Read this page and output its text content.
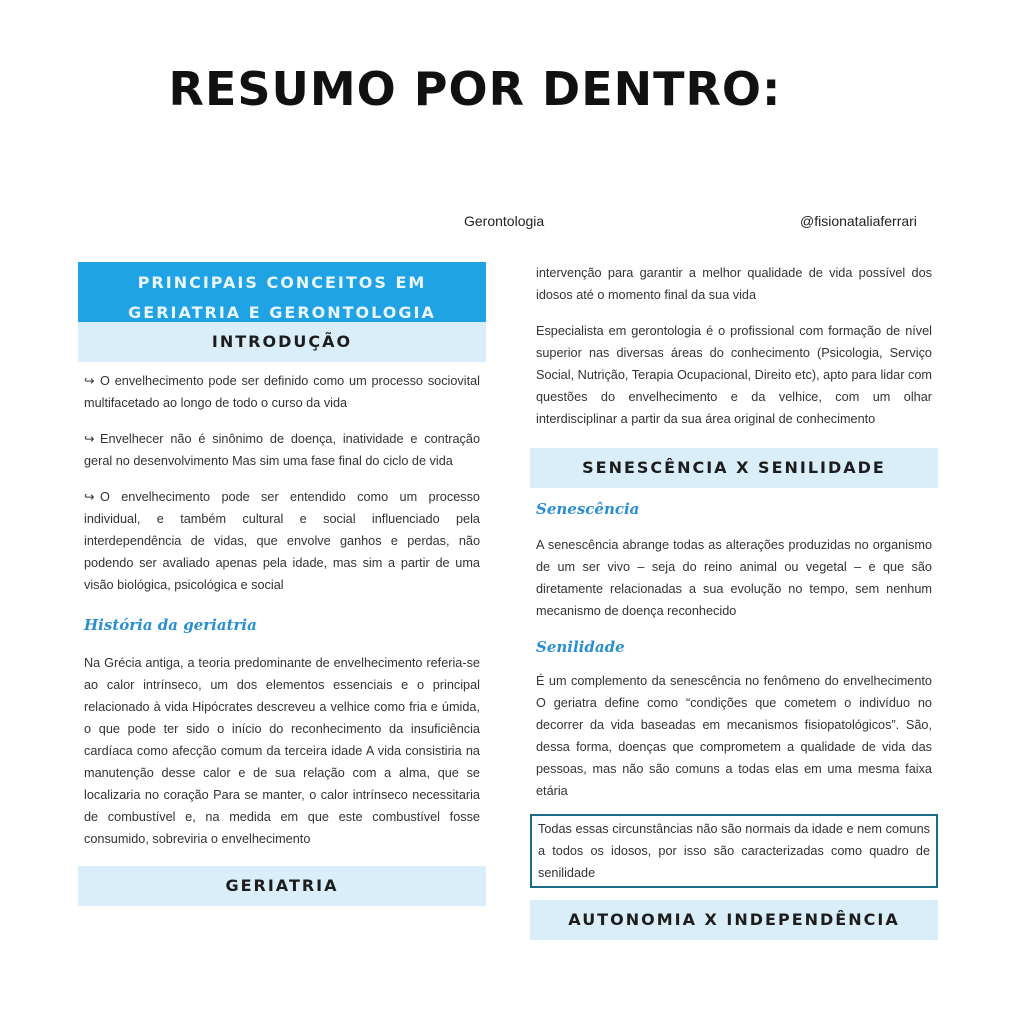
RESUMO POR DENTRO:
Gerontologia	@fisionataliaferrari
PRINCIPAIS CONCEITOS EM GERIATRIA E GERONTOLOGIA
INTRODUÇÃO
↪ O envelhecimento pode ser definido como um processo sociovital multifacetado ao longo de todo o curso da vida
↪ Envelhecer não é sinônimo de doença, inatividade e contração geral no desenvolvimento Mas sim uma fase final do ciclo de vida
↪ O envelhecimento pode ser entendido como um processo individual, e também cultural e social influenciado pela interdependência de vidas, que envolve ganhos e perdas, não podendo ser avaliado apenas pela idade, mas sim a partir de uma visão biológica, psicológica e social
História da geriatria
Na Grécia antiga, a teoria predominante de envelhecimento referia-se ao calor intrínseco, um dos elementos essenciais e o principal relacionado à vida Hipócrates descreveu a velhice como fria e úmida, o que pode ter sido o início do reconhecimento da insuficiência cardíaca como afecção comum da terceira idade A vida consistiria na manutenção desse calor e de sua relação com a alma, que se localizaria no coração Para se manter, o calor intrínseco necessitaria de combustível e, na medida em que este combustível fosse consumido, sobreviria o envelhecimento
GERIATRIA
intervenção para garantir a melhor qualidade de vida possível dos idosos até o momento final da sua vida
Especialista em gerontologia é o profissional com formação de nível superior nas diversas áreas do conhecimento (Psicologia, Serviço Social, Nutrição, Terapia Ocupacional, Direito etc), apto para lidar com questões do envelhecimento e da velhice, com um olhar interdisciplinar a partir da sua área original de conhecimento
SENESCÊNCIA X SENILIDADE
Senescência
A senescência abrange todas as alterações produzidas no organismo de um ser vivo – seja do reino animal ou vegetal – e que são diretamente relacionadas a sua evolução no tempo, sem nenhum mecanismo de doença reconhecido
Senilidade
É um complemento da senescência no fenômeno do envelhecimento O geriatra define como “condições que cometem o indivíduo no decorrer da vida baseadas em mecanismos fisiopatológicos”. São, dessa forma, doenças que comprometem a qualidade de vida das pessoas, mas não são comuns a todas elas em uma mesma faixa etária
Todas essas circunstâncias não são normais da idade e nem comuns a todos os idosos, por isso são caracterizadas como quadro de senilidade
AUTONOMIA X INDEPENDÊNCIA
